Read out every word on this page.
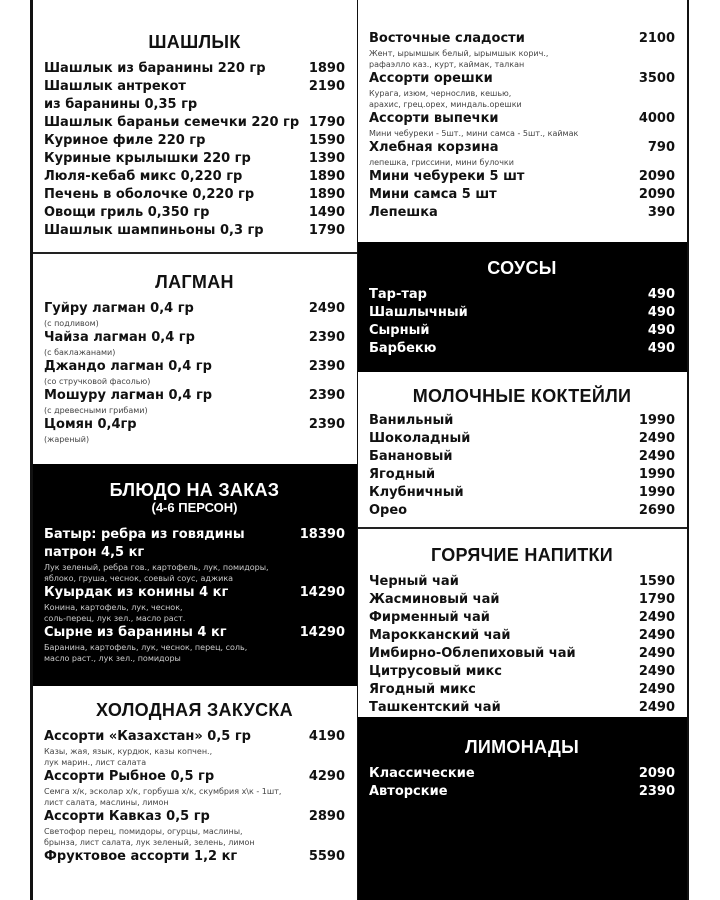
ШАШЛЫК
Шашлык из баранины 220 гр	1890
Шашлык антрекот	2190
из баранины 0,35 гр
Шашлык бараньи семечки 220 гр 1790
Куриное филе 220 гр	1590
Куриные крылышки 220 гр	1390
Люля-кебаб микс 0,220 гр	1890
Печень в оболочке 0,220 гр	1890
Овощи гриль 0,350 гр	1490
Шашлык шампиньоны 0,3 гр	1790
ЛАГМАН
Гуйру лагман 0,4 гр	2490
(с подливом)
Чайза лагман 0,4 гр	2390
(с баклажанами)
Джандо лагман 0,4 гр	2390
(со стручковой фасолью)
Мошуру лагман 0,4 гр	2390
(с древесными грибами)
Цомян 0,4гр	2390
(жареный)
БЛЮДО НА ЗАКАЗ
(4-6 ПЕРСОН)
Батыр: ребра из говядины	18390
патрон 4,5 кг
Лук зеленый, ребра гов., картофель, лук, помидоры,
яблоко, груша, чеснок, соевый соус, аджика
Куырдак из конины 4 кг	14290
Конина, картофель, лук, чеснок,
соль-перец, лук зел., масло раст.
Сырне из баранины 4 кг	14290
Баранина, картофель, лук, чеснок, перец, соль,
масло раст., лук зел., помидоры
ХОЛОДНАЯ ЗАКУСКА
Ассорти «Казахстан» 0,5 гр	4190
Казы, жая, язык, курдюк, казы копчен.,
лук марин., лист салата
Ассорти Рыбное 0,5 гр	4290
Семга х/к, эсколар х/к, горбуша х/к, скумбрия х\к - 1шт,
лист салата, маслины, лимон
Ассорти Кавказ 0,5 гр	2890
Светофор перец, помидоры, огурцы, маслины,
брынза, лист салата, лук зеленый, зелень, лимон
Фруктовое ассорти 1,2 кг	5590
Восточные сладости	2100
Жент, ырымшык белый, ырымшык корич.,
рафаэлло каз., курт, каймак, талкан
Ассорти орешки	3500
Курага, изюм, чернослив, кешью,
арахис, грец.орех, миндаль.орешки
Ассорти выпечки	4000
Мини чебуреки - 5шт., мини самса - 5шт., каймак
Хлебная корзина	790
лепешка, гриссини, мини булочки
Мини чебуреки 5 шт	2090
Мини самса 5 шт	2090
Лепешка	390
СОУСЫ
Тар-тар	490
Шашлычный	490
Сырный	490
Барбекю	490
МОЛОЧНЫЕ КОКТЕЙЛИ
Ванильный	1990
Шоколадный	2490
Банановый	2490
Ягодный	1990
Клубничный	1990
Орео	2690
ГОРЯЧИЕ НАПИТКИ
Черный чай	1590
Жасминовый чай	1790
Фирменный чай	2490
Марокканский чай	2490
Имбирно-Облепиховый чай	2490
Цитрусовый микс	2490
Ягодный микс	2490
Ташкентский чай	2490
ЛИМОНАДЫ
Классические	2090
Авторские	2390
